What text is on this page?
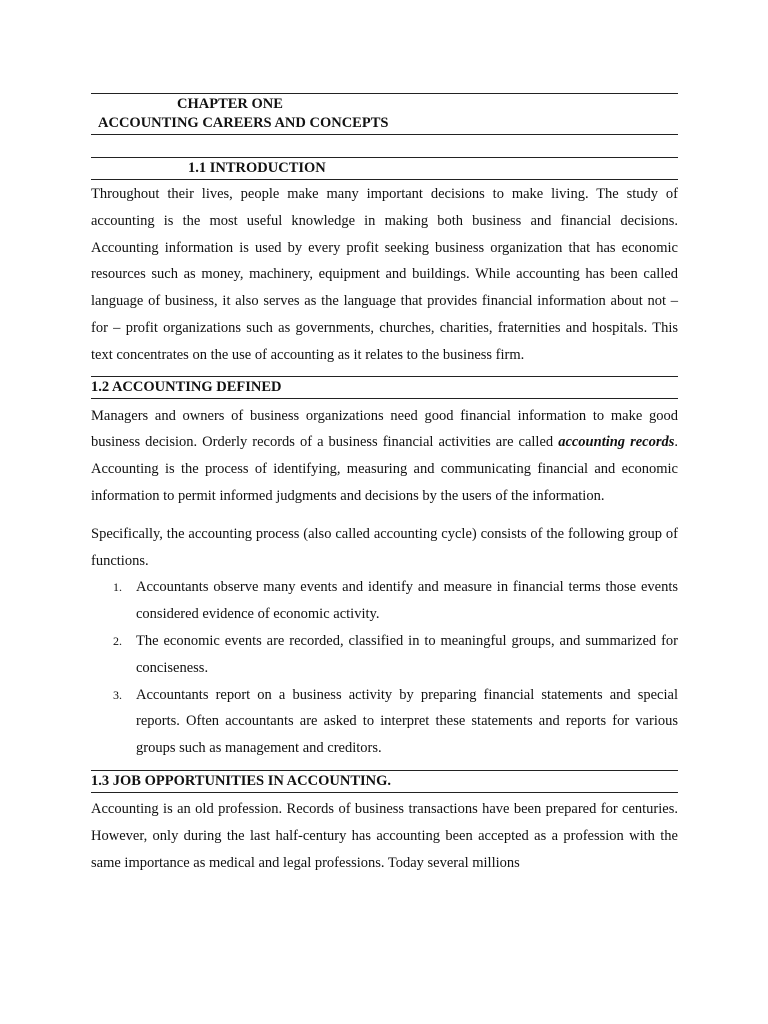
CHAPTER ONE
ACCOUNTING CAREERS AND CONCEPTS
1.1 INTRODUCTION

Throughout their lives, people make many important decisions to make living. The study of accounting is the most useful knowledge in making both business and financial decisions. Accounting information is used by every profit seeking business organization that has economic resources such as money, machinery, equipment and buildings. While accounting has been called language of business, it also serves as the language that provides financial information about not – for – profit organizations such as governments, churches, charities, fraternities and hospitals. This text concentrates on the use of accounting as it relates to the business firm.

1.2 ACCOUNTING DEFINED

Managers and owners of business organizations need good financial information to make good business decision. Orderly records of a business financial activities are called accounting records. Accounting is the process of identifying, measuring and communicating financial and economic information to permit informed judgments and decisions by the users of the information.

Specifically, the accounting process (also called accounting cycle) consists of the following group of functions.

1. Accountants observe many events and identify and measure in financial terms those events considered evidence of economic activity.
2. The economic events are recorded, classified in to meaningful groups, and summarized for conciseness.
3. Accountants report on a business activity by preparing financial statements and special reports. Often accountants are asked to interpret these statements and reports for various groups such as management and creditors.
1.3 JOB OPPORTUNITIES IN ACCOUNTING.

Accounting is an old profession. Records of business transactions have been prepared for centuries. However, only during the last half-century has accounting been accepted as a profession with the same importance as medical and legal professions. Today several millions
